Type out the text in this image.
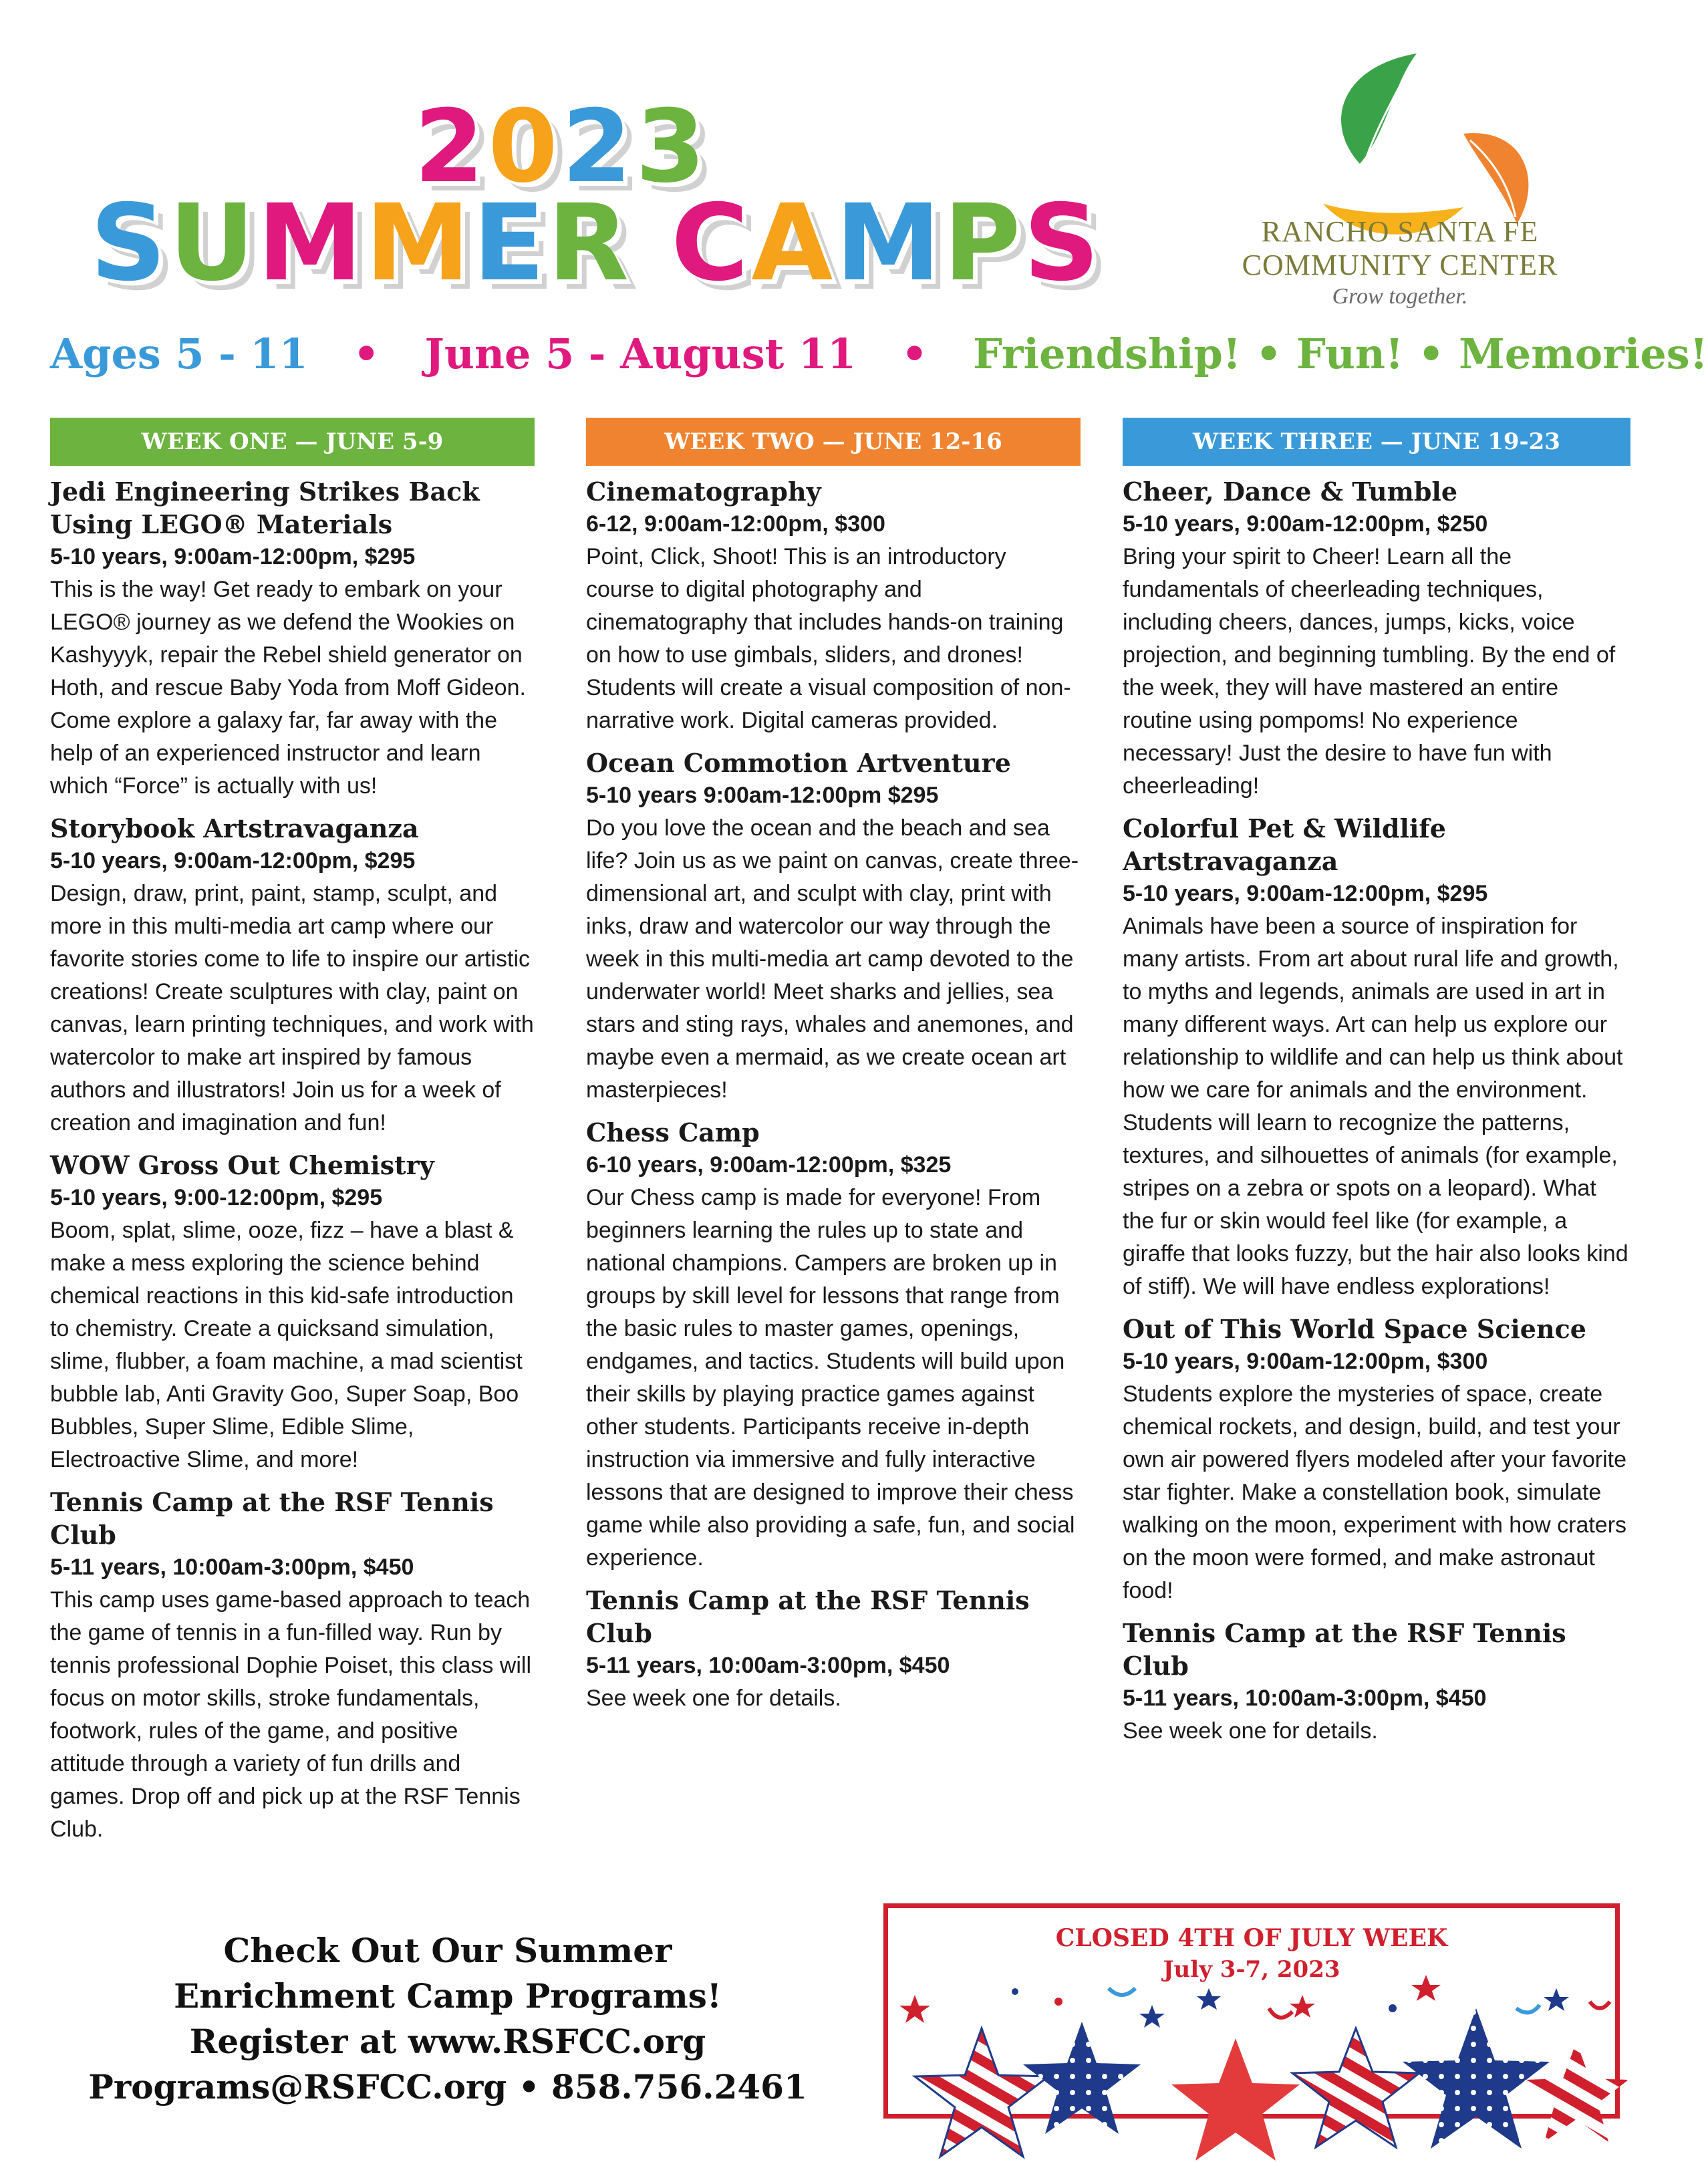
2023
SUMMER CAMPS	RANCHO SANTA FE
COMMUNITY CENTER
Grow together.
Ages 5 - 11 • June 5 - August 11 • Friendship! • Fun! • Memories!
WEEK ONE — JUNE 5-9
Jedi Engineering Strikes Back Using LEGO® Materials
5-10 years, 9:00am-12:00pm, $295
This is the way! Get ready to embark on your LEGO® journey as we defend the Wookies on Kashyyyk, repair the Rebel shield generator on Hoth, and rescue Baby Yoda from Moff Gideon. Come explore a galaxy far, far away with the help of an experienced instructor and learn which “Force” is actually with us!
Storybook Artstravaganza
5-10 years, 9:00am-12:00pm, $295
Design, draw, print, paint, stamp, sculpt, and more in this multi-media art camp where our favorite stories come to life to inspire our artistic creations! Create sculptures with clay, paint on canvas, learn printing techniques, and work with watercolor to make art inspired by famous authors and illustrators! Join us for a week of creation and imagination and fun!
WOW Gross Out Chemistry
5-10 years, 9:00-12:00pm, $295
Boom, splat, slime, ooze, fizz – have a blast & make a mess exploring the science behind chemical reactions in this kid-safe introduction to chemistry. Create a quicksand simulation, slime, flubber, a foam machine, a mad scientist bubble lab, Anti Gravity Goo, Super Soap, Boo Bubbles, Super Slime, Edible Slime, Electroactive Slime, and more!
Tennis Camp at the RSF Tennis Club
5-11 years, 10:00am-3:00pm, $450
This camp uses game-based approach to teach the game of tennis in a fun-filled way. Run by tennis professional Dophie Poiset, this class will focus on motor skills, stroke fundamentals, footwork, rules of the game, and positive attitude through a variety of fun drills and games. Drop off and pick up at the RSF Tennis Club.
WEEK TWO — JUNE 12-16
Cinematography
6-12, 9:00am-12:00pm, $300
Point, Click, Shoot! This is an introductory course to digital photography and cinematography that includes hands-on training on how to use gimbals, sliders, and drones! Students will create a visual composition of non-narrative work. Digital cameras provided.
Ocean Commotion Artventure
5-10 years 9:00am-12:00pm $295
Do you love the ocean and the beach and sea life? Join us as we paint on canvas, create three-dimensional art, and sculpt with clay, print with inks, draw and watercolor our way through the week in this multi-media art camp devoted to the underwater world! Meet sharks and jellies, sea stars and sting rays, whales and anemones, and maybe even a mermaid, as we create ocean art masterpieces!
Chess Camp
6-10 years, 9:00am-12:00pm, $325
Our Chess camp is made for everyone! From beginners learning the rules up to state and national champions. Campers are broken up in groups by skill level for lessons that range from the basic rules to master games, openings, endgames, and tactics. Students will build upon their skills by playing practice games against other students. Participants receive in-depth instruction via immersive and fully interactive lessons that are designed to improve their chess game while also providing a safe, fun, and social experience.
Tennis Camp at the RSF Tennis Club
5-11 years, 10:00am-3:00pm, $450
See week one for details.
WEEK THREE — JUNE 19-23
Cheer, Dance & Tumble
5-10 years, 9:00am-12:00pm, $250
Bring your spirit to Cheer! Learn all the fundamentals of cheerleading techniques, including cheers, dances, jumps, kicks, voice projection, and beginning tumbling. By the end of the week, they will have mastered an entire routine using pompoms! No experience necessary! Just the desire to have fun with cheerleading!
Colorful Pet & Wildlife Artstravaganza
5-10 years, 9:00am-12:00pm, $295
Animals have been a source of inspiration for many artists. From art about rural life and growth, to myths and legends, animals are used in art in many different ways. Art can help us explore our relationship to wildlife and can help us think about how we care for animals and the environment. Students will learn to recognize the patterns, textures, and silhouettes of animals (for example, stripes on a zebra or spots on a leopard). What the fur or skin would feel like (for example, a giraffe that looks fuzzy, but the hair also looks kind of stiff). We will have endless explorations!
Out of This World Space Science
5-10 years, 9:00am-12:00pm, $300
Students explore the mysteries of space, create chemical rockets, and design, build, and test your own air powered flyers modeled after your favorite star fighter. Make a constellation book, simulate walking on the moon, experiment with how craters on the moon were formed, and make astronaut food!
Tennis Camp at the RSF Tennis Club
5-11 years, 10:00am-3:00pm, $450
See week one for details.
Check Out Our Summer
Enrichment Camp Programs!
Register at www.RSFCC.org
Programs@RSFCC.org • 858.756.2461
CLOSED 4TH OF JULY WEEK
July 3-7, 2023
